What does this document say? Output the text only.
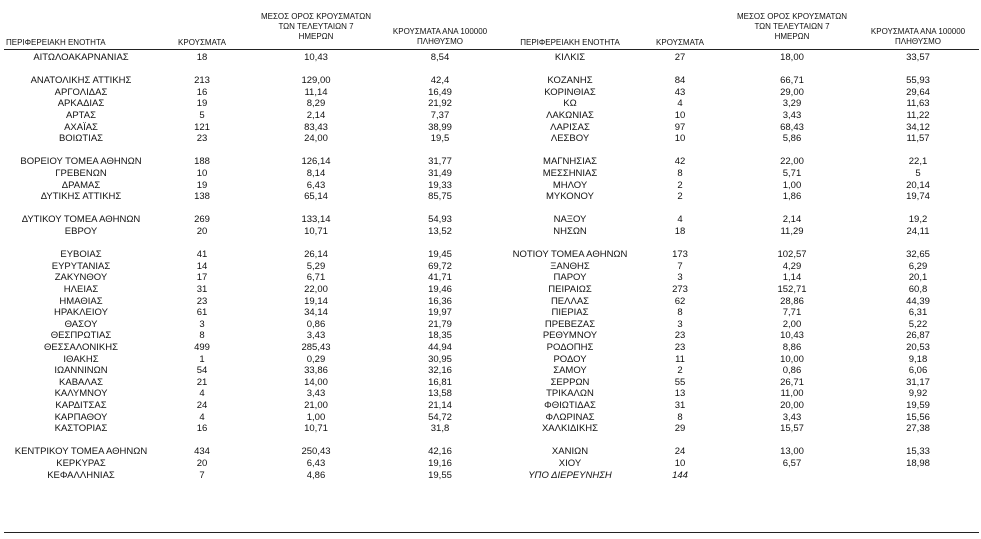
ΠΕΡΙΦΕΡΕΙΑΚΗ ΕΝΟΤΗΤΑ	ΚΡΟΥΣΜΑΤΑ
ΜΕΣΟΣ ΟΡΟΣ ΚΡΟΥΣΜΑΤΩΝ
ΤΩΝ ΤΕΛΕΥΤΑΙΩΝ 7
ΗΜΕΡΩΝ
ΚΡΟΥΣΜΑΤΑ ΑΝΑ 100000
ΠΛΗΘΥΣΜΟ	ΠΕΡΙΦΕΡΕΙΑΚΗ ΕΝΟΤΗΤΑ	ΚΡΟΥΣΜΑΤΑ
ΜΕΣΟΣ ΟΡΟΣ ΚΡΟΥΣΜΑΤΩΝ
ΤΩΝ ΤΕΛΕΥΤΑΙΩΝ 7
ΗΜΕΡΩΝ
ΚΡΟΥΣΜΑΤΑ ΑΝΑ 100000
ΠΛΗΘΥΣΜΟ
ΑΙΤΩΛΟΑΚΑΡΝΑΝΙΑΣ	18	10,43	8,54
ΑΝΑΤΟΛΙΚΗΣ ΑΤΤΙΚΗΣ	213	129,00	42,4
ΑΡΓΟΛΙΔΑΣ	16	11,14	16,49
ΑΡΚΑΔΙΑΣ	19	8,29	21,92
ΑΡΤΑΣ	5	2,14	7,37
ΑΧΑΪΑΣ	121	83,43	38,99
ΒΟΙΩΤΙΑΣ	23	24,00	19,5
ΒΟΡΕΙΟΥ ΤΟΜΕΑ ΑΘΗΝΩΝ	188	126,14	31,77
ΓΡΕΒΕΝΩΝ	10	8,14	31,49
ΔΡΑΜΑΣ	19	6,43	19,33
ΔΥΤΙΚΗΣ ΑΤΤΙΚΗΣ	138	65,14	85,75
ΔΥΤΙΚΟΥ ΤΟΜΕΑ ΑΘΗΝΩΝ	269	133,14	54,93
ΕΒΡΟΥ	20	10,71	13,52
ΕΥΒΟΙΑΣ	41	26,14	19,45
ΕΥΡΥΤΑΝΙΑΣ	14	5,29	69,72
ΖΑΚΥΝΘΟΥ	17	6,71	41,71
ΗΛΕΙΑΣ	31	22,00	19,46
ΗΜΑΘΙΑΣ	23	19,14	16,36
ΗΡΑΚΛΕΙΟΥ	61	34,14	19,97
ΘΑΣΟΥ	3	0,86	21,79
ΘΕΣΠΡΩΤΙΑΣ	8	3,43	18,35
ΘΕΣΣΑΛΟΝΙΚΗΣ	499	285,43	44,94
ΙΘΑΚΗΣ	1	0,29	30,95
ΙΩΑΝΝΙΝΩΝ	54	33,86	32,16
ΚΑΒΑΛΑΣ	21	14,00	16,81
ΚΑΛΥΜΝΟΥ	4	3,43	13,58
ΚΑΡΔΙΤΣΑΣ	24	21,00	21,14
ΚΑΡΠΑΘΟΥ	4	1,00	54,72
ΚΑΣΤΟΡΙΑΣ	16	10,71	31,8
ΚΕΝΤΡΙΚΟΥ ΤΟΜΕΑ ΑΘΗΝΩΝ	434	250,43	42,16
ΚΕΡΚΥΡΑΣ	20	6,43	19,16
ΚΕΦΑΛΛΗΝΙΑΣ	7	4,86	19,55
ΚΙΛΚΙΣ	27	18,00	33,57
ΚΟΖΑΝΗΣ	84	66,71	55,93
ΚΟΡΙΝΘΙΑΣ	43	29,00	29,64
ΚΩ	4	3,29	11,63
ΛΑΚΩΝΙΑΣ	10	3,43	11,22
ΛΑΡΙΣΑΣ	97	68,43	34,12
ΛΕΣΒΟΥ	10	5,86	11,57
ΜΑΓΝΗΣΙΑΣ	42	22,00	22,1
ΜΕΣΣΗΝΙΑΣ	8	5,71	5
ΜΗΛΟΥ	2	1,00	20,14
ΜΥΚΟΝΟΥ	2	1,86	19,74
ΝΑΞΟΥ	4	2,14	19,2
ΝΗΣΩΝ	18	11,29	24,11
ΝΟΤΙΟΥ ΤΟΜΕΑ ΑΘΗΝΩΝ	173	102,57	32,65
ΞΑΝΘΗΣ	7	4,29	6,29
ΠΑΡΟΥ	3	1,14	20,1
ΠΕΙΡΑΙΩΣ	273	152,71	60,8
ΠΕΛΛΑΣ	62	28,86	44,39
ΠΙΕΡΙΑΣ	8	7,71	6,31
ΠΡΕΒΕΖΑΣ	3	2,00	5,22
ΡΕΘΥΜΝΟΥ	23	10,43	26,87
ΡΟΔΟΠΗΣ	23	8,86	20,53
ΡΟΔΟΥ	11	10,00	9,18
ΣΑΜΟΥ	2	0,86	6,06
ΣΕΡΡΩΝ	55	26,71	31,17
ΤΡΙΚΑΛΩΝ	13	11,00	9,92
ΦΘΙΩΤΙΔΑΣ	31	20,00	19,59
ΦΛΩΡΙΝΑΣ	8	3,43	15,56
ΧΑΛΚΙΔΙΚΗΣ	29	15,57	27,38
ΧΑΝΙΩΝ	24	13,00	15,33
ΧΙΟΥ	10	6,57	18,98
ΥΠΟ ΔΙΕΡΕΥΝΗΣΗ	144
